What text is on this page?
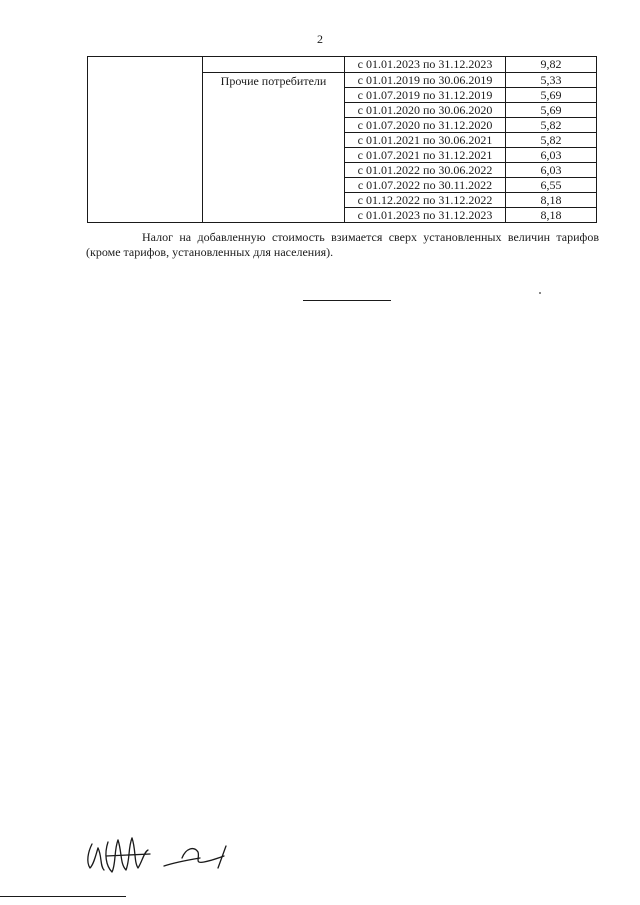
2
		с 01.01.2023 по 31.12.2023	9,82
	Прочие потребители	с 01.01.2019 по 30.06.2019	5,33
		с 01.07.2019 по 31.12.2019	5,69
		с 01.01.2020 по 30.06.2020	5,69
		с 01.07.2020 по 31.12.2020	5,82
		с 01.01.2021 по 30.06.2021	5,82
		с 01.07.2021 по 31.12.2021	6,03
		с 01.01.2022 по 30.06.2022	6,03
		с 01.07.2022 по 30.11.2022	6,55
		с 01.12.2022 по 31.12.2022	8,18
		с 01.01.2023 по 31.12.2023	8,18

Налог на добавленную стоимость взимается сверх установленных величин тарифов (кроме тарифов, установленных для населения).
